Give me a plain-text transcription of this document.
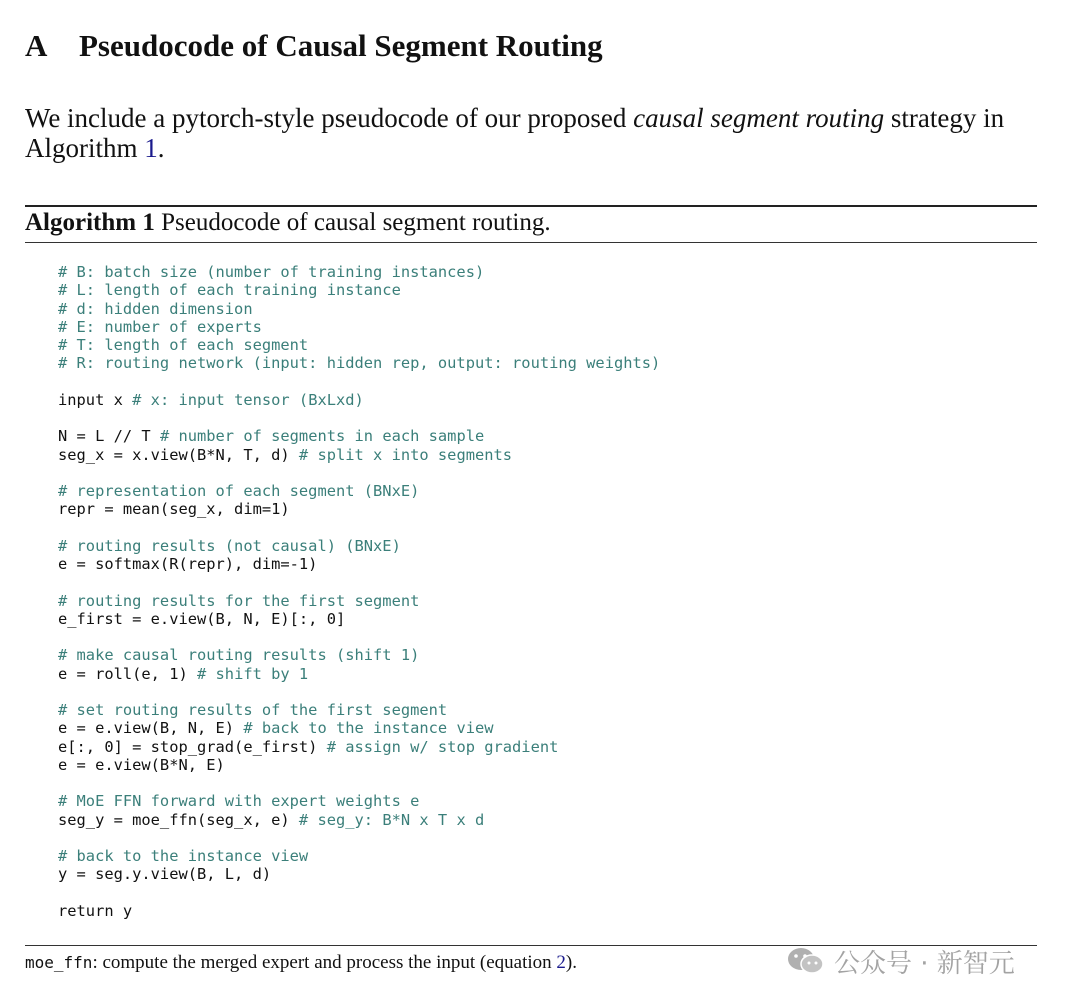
A Pseudocode of Causal Segment Routing
We include a pytorch-style pseudocode of our proposed causal segment routing strategy in Algorithm 1.
Algorithm 1 Pseudocode of causal segment routing.
# B: batch size (number of training instances)
# L: length of each training instance
# d: hidden dimension
# E: number of experts
# T: length of each segment
# R: routing network (input: hidden rep, output: routing weights)
input x # x: input tensor (BxLxd)
N = L // T # number of segments in each sample
seg_x = x.view(B*N, T, d) # split x into segments
# representation of each segment (BNxE)
repr = mean(seg_x, dim=1)
# routing results (not causal) (BNxE)
e = softmax(R(repr), dim=-1)
# routing results for the first segment
e_first = e.view(B, N, E)[:, 0]
# make causal routing results (shift 1)
e = roll(e, 1) # shift by 1
# set routing results of the first segment
e = e.view(B, N, E) # back to the instance view
e[:, 0] = stop_grad(e_first) # assign w/ stop gradient
e = e.view(B*N, E)
# MoE FFN forward with expert weights e
seg_y = moe_ffn(seg_x, e) # seg_y: B*N x T x d
# back to the instance view
y = seg.y.view(B, L, d)
return y
moe_ffn: compute the merged expert and process the input (equation 2).	公众号 · 新智元
